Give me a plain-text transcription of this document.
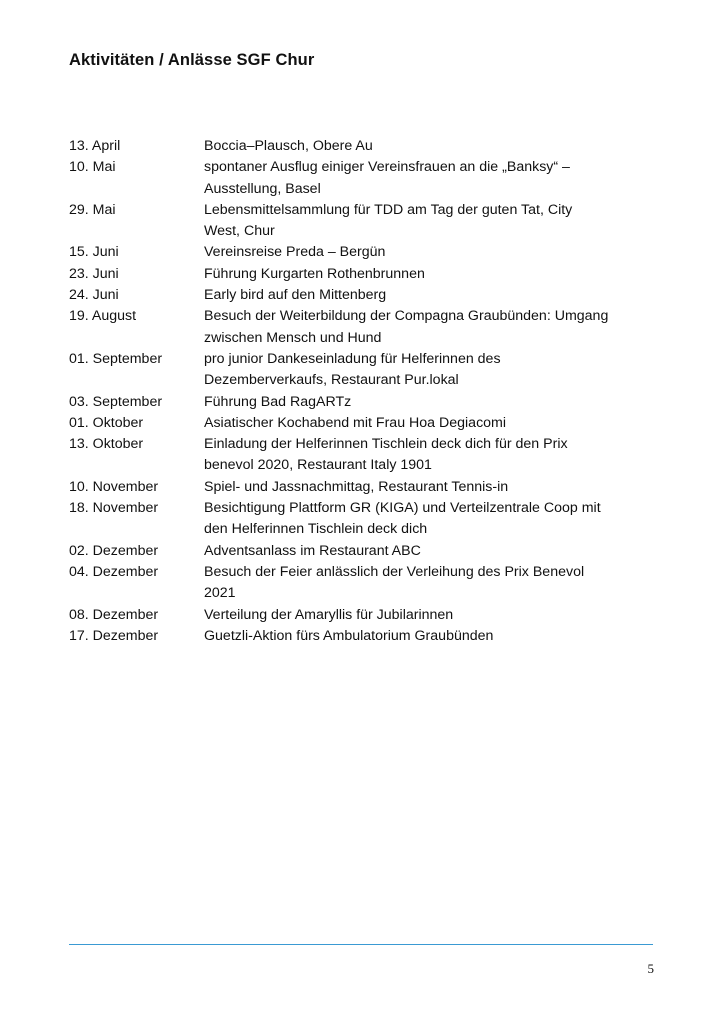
Aktivitäten / Anlässe SGF Chur
13. April	Boccia–Plausch, Obere Au
10. Mai	spontaner Ausflug einiger Vereinsfrauen an die „Banksy“ –
Ausstellung, Basel
29. Mai	Lebensmittelsammlung für TDD am Tag der guten Tat, City
West, Chur
15. Juni	Vereinsreise Preda – Bergün
23. Juni	Führung Kurgarten Rothenbrunnen
24. Juni	Early bird auf den Mittenberg
19. August	Besuch der Weiterbildung der Compagna Graubünden: Umgang
zwischen Mensch und Hund
01. September	pro junior Dankeseinladung für Helferinnen des
Dezemberverkaufs, Restaurant Pur.lokal
03. September	Führung Bad RagARTz
01. Oktober	Asiatischer Kochabend mit Frau Hoa Degiacomi
13. Oktober	Einladung der Helferinnen Tischlein deck dich für den Prix
benevol 2020, Restaurant Italy 1901
10. November	Spiel- und Jassnachmittag, Restaurant Tennis-in
18. November	Besichtigung Plattform GR (KIGA) und Verteilzentrale Coop mit
den Helferinnen Tischlein deck dich
02. Dezember	Adventsanlass im Restaurant ABC
04. Dezember	Besuch der Feier anlässlich der Verleihung des Prix Benevol
2021
08. Dezember	Verteilung der Amaryllis für Jubilarinnen
17. Dezember	Guetzli-Aktion fürs Ambulatorium Graubünden
5
